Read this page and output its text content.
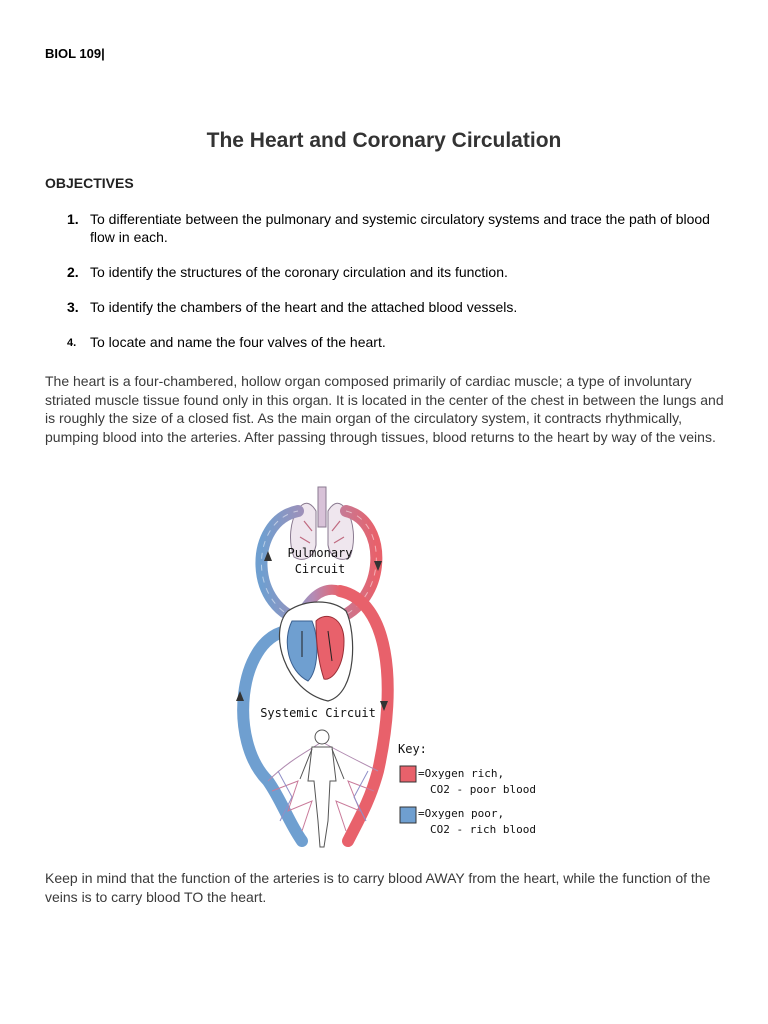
BIOL 109|
The Heart and Coronary Circulation
OBJECTIVES
1. To differentiate between the pulmonary and systemic circulatory systems and trace the path of blood flow in each.
2. To identify the structures of the coronary circulation and its function.
3. To identify the chambers of the heart and the attached blood vessels.
4. To locate and name the four valves of the heart.
The heart is a four-chambered, hollow organ composed primarily of cardiac muscle; a type of involuntary striated muscle tissue found only in this organ. It is located in the center of the chest in between the lungs and is roughly the size of a closed fist. As the main organ of the circulatory system, it contracts rhythmically, pumping blood into the arteries. After passing through tissues, blood returns to the heart by way of the veins.
Pulmonary
Circuit
Systemic Circuit
Key:
=Oxygen rich,
CO2 - poor blood
=Oxygen poor,
CO2 - rich blood
Keep in mind that the function of the arteries is to carry blood AWAY from the heart, while the function of the veins is to carry blood TO the heart.
